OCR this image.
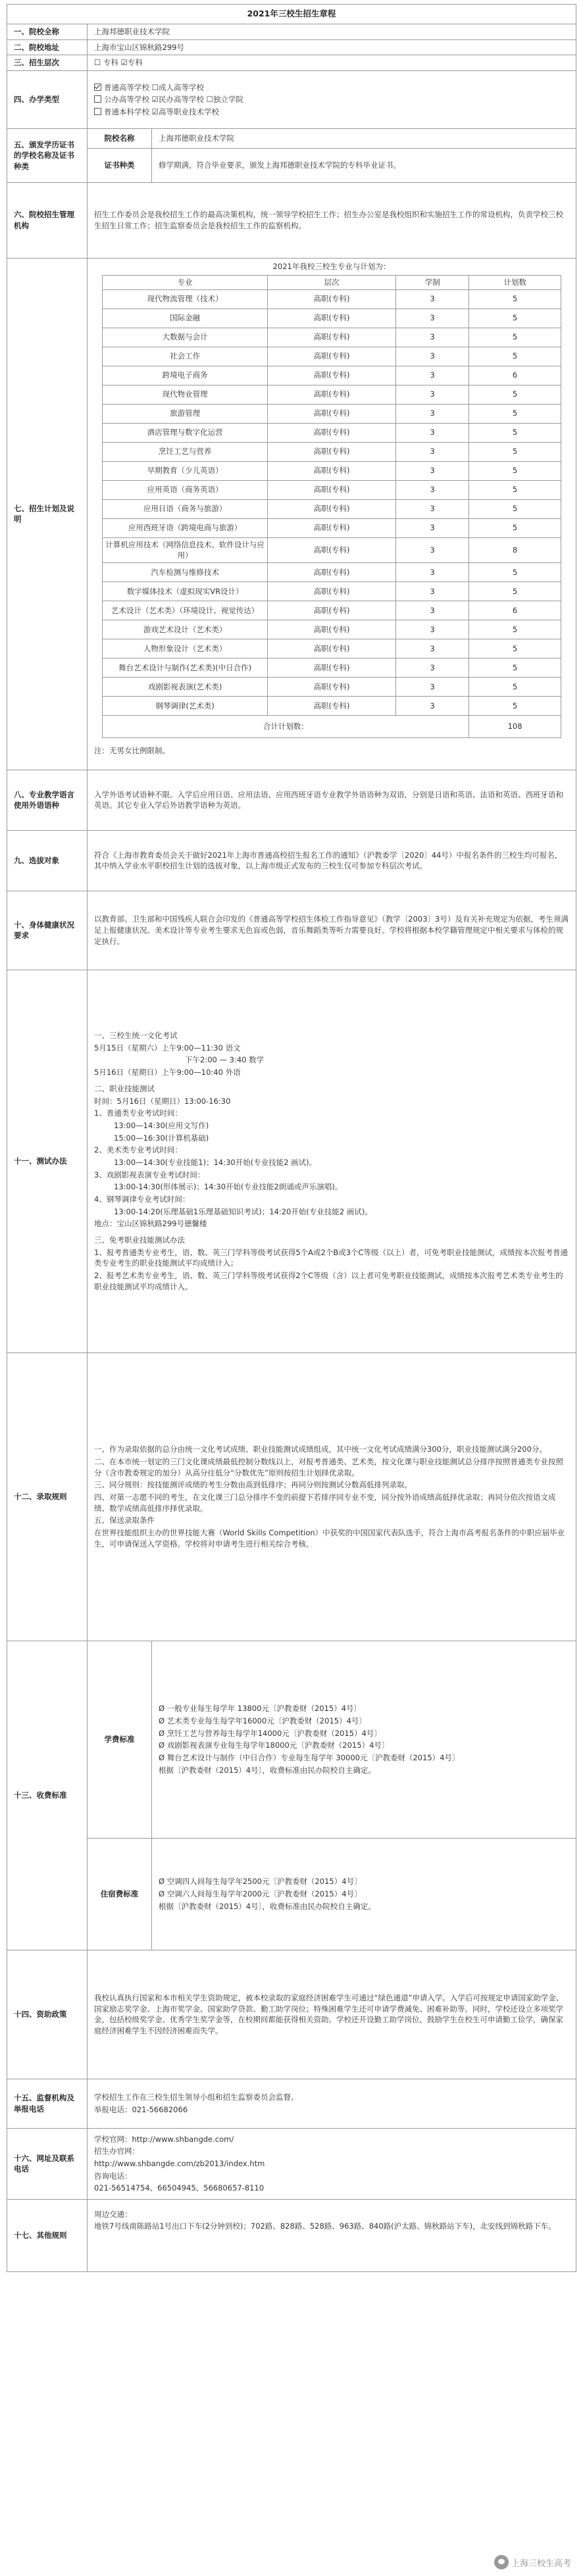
2021年三校生招生章程
一、院校全称	上海邦德职业技术学院
二、院校地址	上海市宝山区锦秋路299号
三、招生层次	☐ 专科 ☑专科
四、办学类型	

普通高等学校 ☐成人高等学校

公办高等学校 ☑民办高等学校 ☐独立学院

普通本科学校 ☑高等职业技术学校

五、颁发学历证书的学校名称及证书种类	院校名称	上海邦德职业技术学院
证书种类	修学期满，符合毕业要求，颁发上海邦德职业技术学院的专科毕业证书。
六、院校招生管理机构	招生工作委员会是我校招生工作的最高决策机构，统一领导学校招生工作；招生办公室是我校组织和实施招生工作的常设机构，负责学校三校生招生日常工作；招生监察委员会是我校招生工作的监察机构。
七、招生计划及说明	
2021年我校三校生专业与计划为：
专业	层次	学制	计划数
现代物流管理（技术）	高职(专科)	3	5
国际金融	高职(专科)	3	5
大数据与会计	高职(专科)	3	5
社会工作	高职(专科)	3	5
跨境电子商务	高职(专科)	3	6
现代物业管理	高职(专科)	3	5
旅游管理	高职(专科)	3	5
酒店管理与数字化运营	高职(专科)	3	5
烹饪工艺与营养	高职(专科)	3	5
早期教育（少儿英语）	高职(专科)	3	5
应用英语（商务英语）	高职(专科)	3	5
应用日语（商务与旅游）	高职(专科)	3	5
应用西班牙语（跨境电商与旅游）	高职(专科)	3	5
计算机应用技术（网络信息技术、软件设计与应用）	高职(专科)	3	8
汽车检测与维修技术	高职(专科)	3	5
数字媒体技术（虚拟现实VR设计）	高职(专科)	3	5
艺术设计（艺术类）（环境设计、视觉传达）	高职(专科)	3	6
游戏艺术设计（艺术类）	高职(专科)	3	5
人物形象设计（艺术类）	高职(专科)	3	5
舞台艺术设计与制作(艺术类)(中日合作)	高职(专科)	3	5
戏剧影视表演(艺术类)	高职(专科)	3	5
钢琴调律(艺术类)	高职(专科)	3	5
合计计划数：	108
注：无男女比例限制。

八、专业教学语言使用外语语种	入学外语考试语种不限。入学后应用日语、应用法语、应用西班牙语专业教学外语语种为双语，分别是日语和英语、法语和英语、西班牙语和英语。其它专业入学后外语教学语种为英语。
九、选拔对象	符合《上海市教育委员会关于做好2021年上海市普通高校招生报名工作的通知》（沪教委学〔2020〕44号）中报名条件的三校生均可报名，其中纳入学业水平职校招生计划的选拔对象，以上海市级正式发布的三校生仅可参加专科层次考试。
十、身体健康状况要求	以教育部、卫生部和中国残疾人联合会印发的《普通高等学校招生体检工作指导意见》（教学〔2003〕3号）及有关补充规定为依据，考生须满足上报健康状况。美术设计等专业考生要求无色盲或色弱，音乐舞蹈类等听力需要良好。学校将根据本校学籍管理规定中相关要求与体检的规定执行。
十一、测试办法	

一、三校生统一文化考试

5月15日（星期六）上午9:00—11:30 语文

下午2:00 — 3:40 数学

5月16日（星期日）上午9:00—10:40 外语

二、职业技能测试

时间：5月16日（星期日）13:00-16:30

1、普通类专业考试时间：

13:00—14:30(应用文写作)

15:00—16:30(计算机基础)

2、美术类专业考试时间：

13:00—14:30(专业技能1)；14:30开始(专业技能2 画试)。

3、戏剧影视表演专业考试时间：

13:00-14:30(形体展示)；14:30开始(专业技能2朗诵或声乐演唱)。

4、钢琴调律专业考试时间：

13:00-14:20(乐理基础1乐理基础知识考试)；14:20开始(专业技能2 画试)。

地点：宝山区锦秋路299号德馨楼

三、免考职业技能测试办法

1、报考普通类专业考生，语、数、英三门学科等级考试获得5个A或2个B或3个C等级（以上）者，可免考职业技能测试，成绩按本次报考普通类专业考生的职业技能测试平均成绩计入；

2、报考艺术类专业考生，语、数、英三门学科等级考试获得2个C等级（含）以上者可免考职业技能测试，成绩按本次报考艺术类专业考生的职业技能测试平均成绩计入。

十二、录取规则	

一、作为录取依据的总分由统一文化考试成绩、职业技能测试成绩组成，其中统一文化考试成绩满分300分，职业技能测试满分200分。

二、在本市统一划定的三门文化课成绩最低控制分数线以上，对报考普通类、艺术类，按文化课与职业技能测试总分排序按照普通类专业按照分（含市教委规定的加分）从高分往低分“分数优先”原则按招生计划择优录取。

三、同分规则：按技能测评成绩的考生分数由高到低排序；再同分则按测试分数高低排列录取。

四、对第一志愿不同的考生，在文化课三门总分排序不变的前提下若排序同专业不变，同分按外语成绩高低择优录取；再同分依次按语文成绩、数学成绩高低排序择优录取。

五、保送录取条件

在世界技能组织主办的世界技能大赛（World Skills Competition）中获奖的中国国家代表队选手，符合上海市高考报名条件的中职应届毕业生，可申请保送入学资格。学校将对申请考生进行相关综合考核。

十三、收费标准	学费标准	

Ø 一般专业每生每学年 13800元〔沪教委财（2015）4号〕

Ø 艺术类专业每生每学年16000元〔沪教委财（2015）4号〕

Ø 烹饪工艺与营养每生每学年14000元〔沪教委财（2015）4号〕

Ø 戏剧影视表演专业每生每学年18000元〔沪教委财（2015）4号〕

Ø 舞台艺术设计与制作（中日合作）专业每生每学年 30000元〔沪教委财（2015）4号〕

根据〔沪教委财（2015）4号〕，收费标准由民办院校自主确定。

住宿费标准	

Ø 空调四人间每生每学年2500元〔沪教委财（2015）4号〕

Ø 空调六人间每生每学年2000元〔沪教委财（2015）4号〕

根据〔沪教委财（2015）4号〕，收费标准由民办院校自主确定。

十四、资助政策	我校认真执行国家和本市相关学生资助规定，被本校录取的家庭经济困难学生可通过“绿色通道”申请入学。入学后可按规定申请国家助学金、国家励志奖学金、上海市奖学金、国家助学贷款、勤工助学岗位；特殊困难学生还可申请学费减免、困难补助等。同时，学校还设立多项奖学金，包括校级奖学金、优秀学生奖学金等，在校期间都能获得相关资助。学校还开设勤工助学岗位，鼓励学生在校生可申请勤工俭学，确保家庭经济困难学生不因经济困难而失学。
十五、监督机构及举报电话	

学校招生工作在三校生招生领导小组和招生监察委员会监督。

举报电话：021-56682066

十六、网址及联系电话	

学校官网：http://www.shbangde.com/

招生办官网：

http://www.shbangde.com/zb2013/index.htm

咨询电话：

021-56514754、66504945、56680657-8110

十七、其他规则	

周边交通：

地铁7号线南陈路站1号出口下车(2分钟到校)；702路、828路、528路、963路、840路(沪太路、锦秋路站下车)，北安线到锦秋路下车。

上海三校生高考
